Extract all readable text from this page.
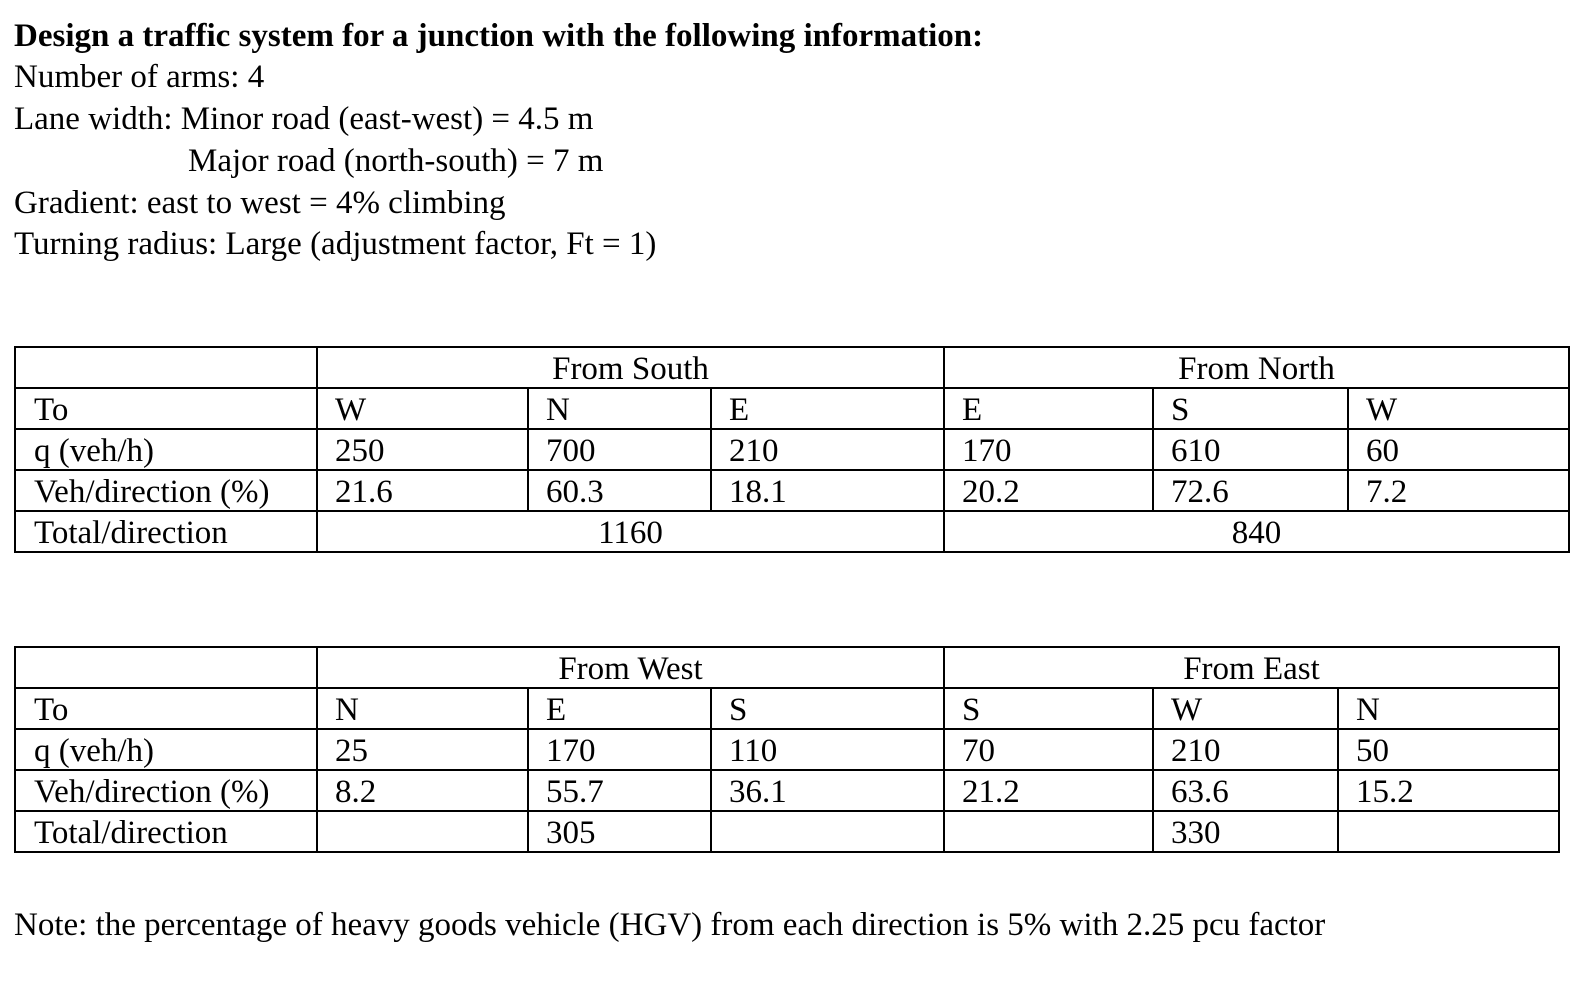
Design a traffic system for a junction with the following information:
Number of arms: 4
Lane width: Minor road (east-west) = 4.5 m
Major road (north-south) = 7 m
Gradient: east to west = 4% climbing
Turning radius: Large (adjustment factor, Ft = 1)
	From South			From North		
To	W	N	E	E	S	W
q (veh/h)	250	700	210	170	610	60
Veh/direction (%)	21.6	60.3	18.1	20.2	72.6	7.2
Total/direction	1160			840		
	From West			From East		
To	N	E	S	S	W	N
q (veh/h)	25	170	110	70	210	50
Veh/direction (%)	8.2	55.7	36.1	21.2	63.6	15.2
Total/direction		305			330	
Note: the percentage of heavy goods vehicle (HGV) from each direction is 5% with 2.25 pcu factor
